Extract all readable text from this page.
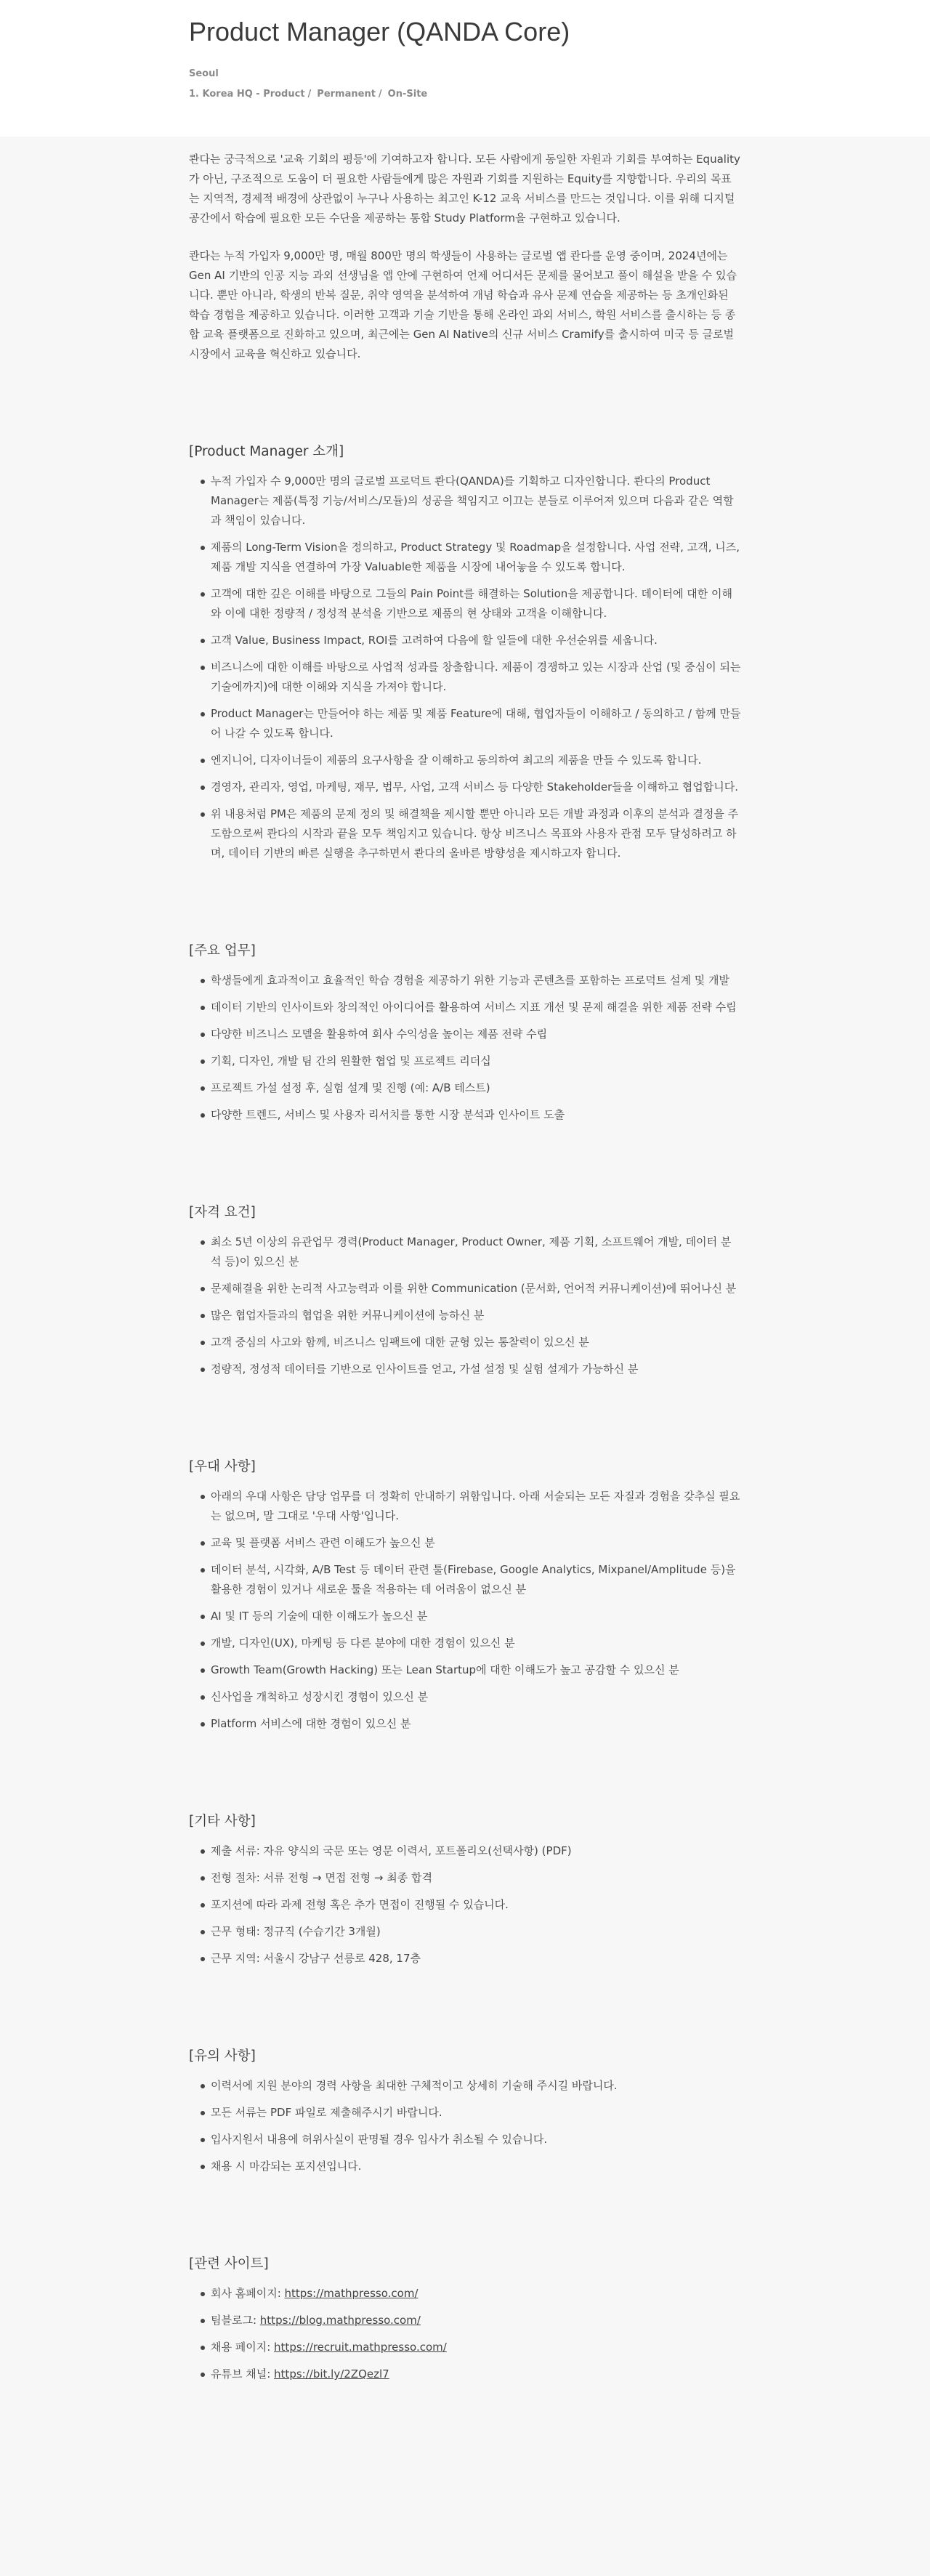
Product Manager (QANDA Core)
Seoul
1. Korea HQ - Product / Permanent / On-Site

콴다는 궁극적으로 '교육 기회의 평등'에 기여하고자 합니다. 모든 사람에게 동일한 자원과 기회를 부여하는 Equality가 아닌, 구조적으로 도움이 더 필요한 사람들에게 많은 자원과 기회를 지원하는 Equity를 지향합니다. 우리의 목표는 지역적, 경제적 배경에 상관없이 누구나 사용하는 최고인 K-12 교육 서비스를 만드는 것입니다. 이를 위해 디지털 공간에서 학습에 필요한 모든 수단을 제공하는 통합 Study Platform을 구현하고 있습니다.

콴다는 누적 가입자 9,000만 명, 매월 800만 명의 학생들이 사용하는 글로벌 앱 콴다를 운영 중이며, 2024년에는 Gen AI 기반의 인공 지능 과외 선생님을 앱 안에 구현하여 언제 어디서든 문제를 물어보고 풀이 해설을 받을 수 있습니다. 뿐만 아니라, 학생의 반복 질문, 취약 영역을 분석하여 개념 학습과 유사 문제 연습을 제공하는 등 초개인화된 학습 경험을 제공하고 있습니다. 이러한 고객과 기술 기반을 통해 온라인 과외 서비스, 학원 서비스를 출시하는 등 종합 교육 플랫폼으로 진화하고 있으며, 최근에는 Gen AI Native의 신규 서비스 Cramify를 출시하여 미국 등 글로벌 시장에서 교육을 혁신하고 있습니다.

[Product Manager 소개]
누적 가입자 수 9,000만 명의 글로벌 프로덕트 콴다(QANDA)를 기획하고 디자인합니다. 콴다의 Product Manager는 제품(특정 기능/서비스/모듈)의 성공을 책임지고 이끄는 분들로 이루어져 있으며 다음과 같은 역할과 책임이 있습니다.
제품의 Long-Term Vision을 정의하고, Product Strategy 및 Roadmap을 설정합니다. 사업 전략, 고객, 니즈, 제품 개발 지식을 연결하여 가장 Valuable한 제품을 시장에 내어놓을 수 있도록 합니다.
고객에 대한 깊은 이해를 바탕으로 그들의 Pain Point를 해결하는 Solution을 제공합니다. 데이터에 대한 이해와 이에 대한 정량적 / 정성적 분석을 기반으로 제품의 현 상태와 고객을 이해합니다.
고객 Value, Business Impact, ROI를 고려하여 다음에 할 일들에 대한 우선순위를 세웁니다.
비즈니스에 대한 이해를 바탕으로 사업적 성과를 창출합니다. 제품이 경쟁하고 있는 시장과 산업 (및 중심이 되는 기술에까지)에 대한 이해와 지식을 가져야 합니다.
Product Manager는 만들어야 하는 제품 및 제품 Feature에 대해, 협업자들이 이해하고 / 동의하고 / 함께 만들어 나갈 수 있도록 합니다.
엔지니어, 디자이너들이 제품의 요구사항을 잘 이해하고 동의하여 최고의 제품을 만들 수 있도록 합니다.
경영자, 관리자, 영업, 마케팅, 재무, 법무, 사업, 고객 서비스 등 다양한 Stakeholder들을 이해하고 협업합니다.
위 내용처럼 PM은 제품의 문제 정의 및 해결책을 제시할 뿐만 아니라 모든 개발 과정과 이후의 분석과 결정을 주도함으로써 콴다의 시작과 끝을 모두 책임지고 있습니다. 항상 비즈니스 목표와 사용자 관점 모두 달성하려고 하며, 데이터 기반의 빠른 실행을 추구하면서 콴다의 올바른 방향성을 제시하고자 합니다.
[주요 업무]
학생들에게 효과적이고 효율적인 학습 경험을 제공하기 위한 기능과 콘텐츠를 포함하는 프로덕트 설계 및 개발
데이터 기반의 인사이트와 창의적인 아이디어를 활용하여 서비스 지표 개선 및 문제 해결을 위한 제품 전략 수립
다양한 비즈니스 모델을 활용하여 회사 수익성을 높이는 제품 전략 수립
기획, 디자인, 개발 팀 간의 원활한 협업 및 프로젝트 리더십
프로젝트 가설 설정 후, 실험 설계 및 진행 (예: A/B 테스트)
다양한 트렌드, 서비스 및 사용자 리서치를 통한 시장 분석과 인사이트 도출
[자격 요건]
최소 5년 이상의 유관업무 경력(Product Manager, Product Owner, 제품 기획, 소프트웨어 개발, 데이터 분석 등)이 있으신 분
문제해결을 위한 논리적 사고능력과 이를 위한 Communication (문서화, 언어적 커뮤니케이션)에 뛰어나신 분
많은 협업자들과의 협업을 위한 커뮤니케이션에 능하신 분
고객 중심의 사고와 함께, 비즈니스 임팩트에 대한 균형 있는 통찰력이 있으신 분
정량적, 정성적 데이터를 기반으로 인사이트를 얻고, 가설 설정 및 실험 설계가 가능하신 분
[우대 사항]
아래의 우대 사항은 담당 업무를 더 정확히 안내하기 위함입니다. 아래 서술되는 모든 자질과 경험을 갖추실 필요는 없으며, 말 그대로 '우대 사항'입니다.
교육 및 플랫폼 서비스 관련 이해도가 높으신 분
데이터 분석, 시각화, A/B Test 등 데이터 관련 툴(Firebase, Google Analytics, Mixpanel/Amplitude 등)을 활용한 경험이 있거나 새로운 툴을 적용하는 데 어려움이 없으신 분
AI 및 IT 등의 기술에 대한 이해도가 높으신 분
개발, 디자인(UX), 마케팅 등 다른 분야에 대한 경험이 있으신 분
Growth Team(Growth Hacking) 또는 Lean Startup에 대한 이해도가 높고 공감할 수 있으신 분
신사업을 개척하고 성장시킨 경험이 있으신 분
Platform 서비스에 대한 경험이 있으신 분
[기타 사항]
제출 서류: 자유 양식의 국문 또는 영문 이력서, 포트폴리오(선택사항) (PDF)
전형 절차: 서류 전형 → 면접 전형 → 최종 합격
포지션에 따라 과제 전형 혹은 추가 면접이 진행될 수 있습니다.
근무 형태: 정규직 (수습기간 3개월)
근무 지역: 서울시 강남구 선릉로 428, 17층
[유의 사항]
이력서에 지원 분야의 경력 사항을 최대한 구체적이고 상세히 기술해 주시길 바랍니다.
모든 서류는 PDF 파일로 제출해주시기 바랍니다.
입사지원서 내용에 허위사실이 판명될 경우 입사가 취소될 수 있습니다.
채용 시 마감되는 포지션입니다.
[관련 사이트]
회사 홈페이지: https://mathpresso.com/
팀블로그: https://blog.mathpresso.com/
채용 페이지: https://recruit.mathpresso.com/
유튜브 채널: https://bit.ly/2ZQezl7
